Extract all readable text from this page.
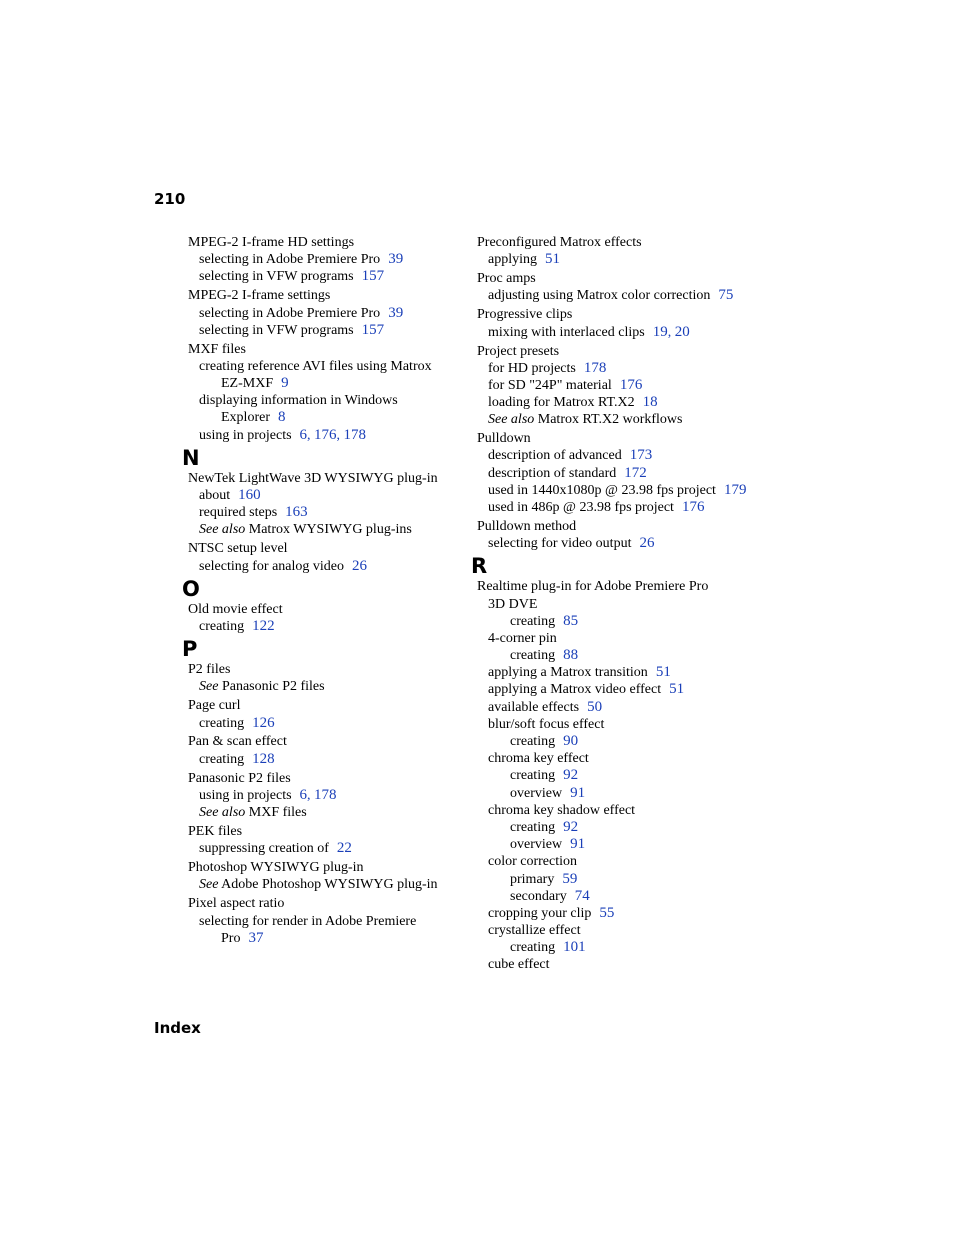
210
MPEG-2 I-frame HD settings
selecting in Adobe Premiere Pro 39
selecting in VFW programs 157
MPEG-2 I-frame settings
selecting in Adobe Premiere Pro 39
selecting in VFW programs 157
MXF files
creating reference AVI files using Matrox
EZ-MXF 9
displaying information in Windows
Explorer 8
using in projects 6, 176, 178
N
NewTek LightWave 3D WYSIWYG plug-in
about 160
required steps 163
See also Matrox WYSIWYG plug-ins
NTSC setup level
selecting for analog video 26
O
Old movie effect
creating 122
P
P2 files
See Panasonic P2 files
Page curl
creating 126
Pan & scan effect
creating 128
Panasonic P2 files
using in projects 6, 178
See also MXF files
PEK files
suppressing creation of 22
Photoshop WYSIWYG plug-in
See Adobe Photoshop WYSIWYG plug-in
Pixel aspect ratio
selecting for render in Adobe Premiere
Pro 37
Preconfigured Matrox effects
applying 51
Proc amps
adjusting using Matrox color correction 75
Progressive clips
mixing with interlaced clips 19, 20
Project presets
for HD projects 178
for SD "24P" material 176
loading for Matrox RT.X2 18
See also Matrox RT.X2 workflows
Pulldown
description of advanced 173
description of standard 172
used in 1440x1080p @ 23.98 fps project 179
used in 486p @ 23.98 fps project 176
Pulldown method
selecting for video output 26
R
Realtime plug-in for Adobe Premiere Pro
3D DVE
creating 85
4-corner pin
creating 88
applying a Matrox transition 51
applying a Matrox video effect 51
available effects 50
blur/soft focus effect
creating 90
chroma key effect
creating 92
overview 91
chroma key shadow effect
creating 92
overview 91
color correction
primary 59
secondary 74
cropping your clip 55
crystallize effect
creating 101
cube effect
Index
